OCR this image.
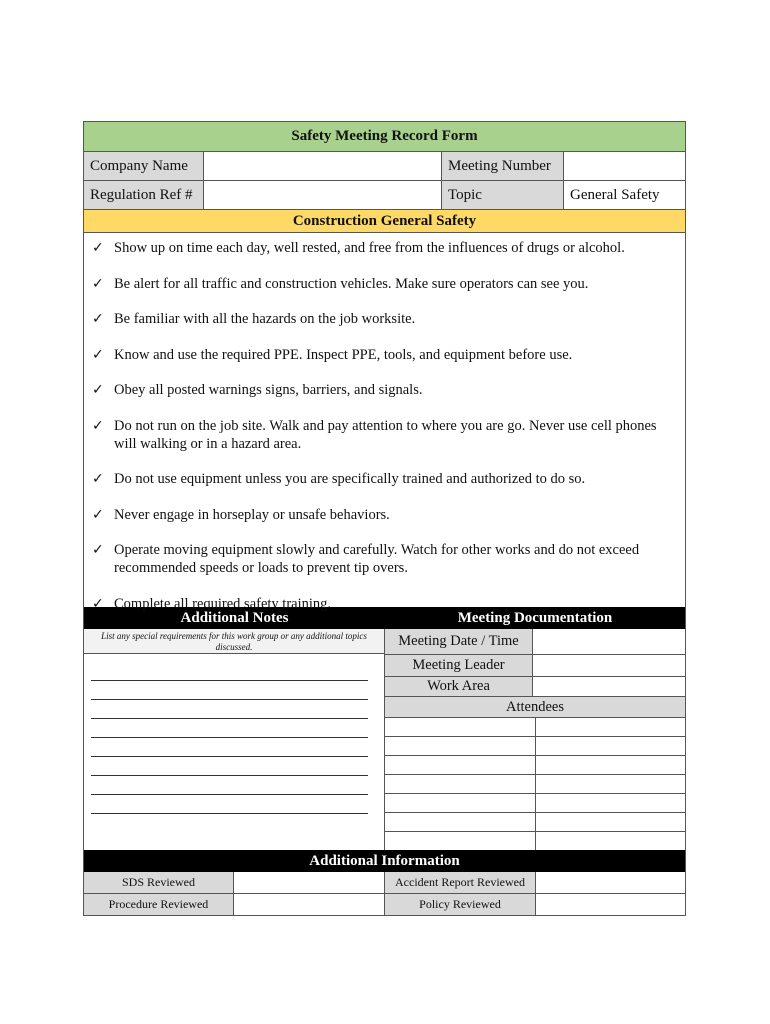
Safety Meeting Record Form
Company Name	Meeting Number
Regulation Ref #	Topic	General Safety
Construction General Safety
✓ Show up on time each day, well rested, and free from the influences of drugs or alcohol.
✓ Be alert for all traffic and construction vehicles. Make sure operators can see you.
✓ Be familiar with all the hazards on the job worksite.
✓ Know and use the required PPE. Inspect PPE, tools, and equipment before use.
✓ Obey all posted warnings signs, barriers, and signals.
✓ Do not run on the job site. Walk and pay attention to where you are go. Never use cell phones will walking or in a hazard area.
✓ Do not use equipment unless you are specifically trained and authorized to do so.
✓ Never engage in horseplay or unsafe behaviors.
✓ Operate moving equipment slowly and carefully. Watch for other works and do not exceed recommended speeds or loads to prevent tip overs.
✓ Complete all required safety training.
Additional Notes	Meeting Documentation
List any special requirements for this work group or any additional topics discussed.	Meeting Date / Time
Meeting Leader
Work Area
Attendees
Additional Information
SDS Reviewed	Accident Report Reviewed
Procedure Reviewed	Policy Reviewed
